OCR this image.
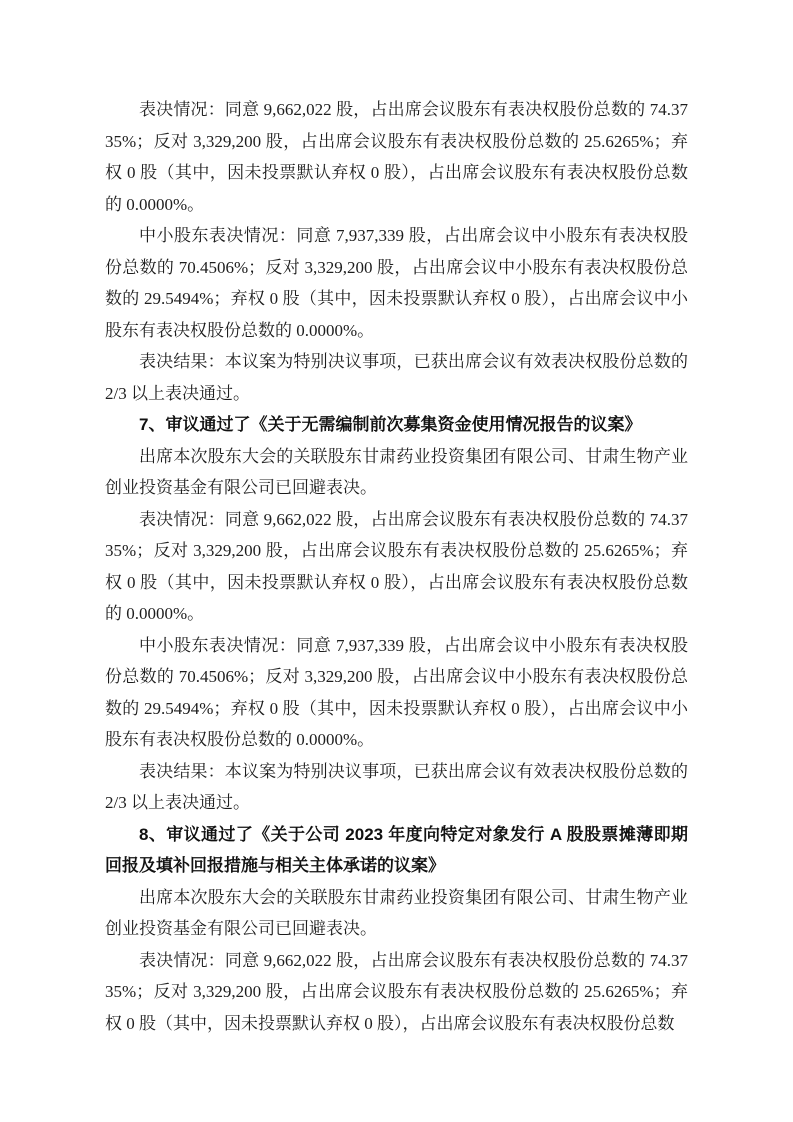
表决情况：同意 9,662,022 股，占出席会议股东有表决权股份总数的 74.3735%；反对 3,329,200 股，占出席会议股东有表决权股份总数的 25.6265%；弃权 0 股（其中，因未投票默认弃权 0 股），占出席会议股东有表决权股份总数的 0.0000%。

中小股东表决情况：同意 7,937,339 股，占出席会议中小股东有表决权股份总数的 70.4506%；反对 3,329,200 股，占出席会议中小股东有表决权股份总数的 29.5494%；弃权 0 股（其中，因未投票默认弃权 0 股），占出席会议中小股东有表决权股份总数的 0.0000%。

表决结果：本议案为特别决议事项，已获出席会议有效表决权股份总数的 2/3 以上表决通过。

7、审议通过了《关于无需编制前次募集资金使用情况报告的议案》

出席本次股东大会的关联股东甘肃药业投资集团有限公司、甘肃生物产业创业投资基金有限公司已回避表决。

表决情况：同意 9,662,022 股，占出席会议股东有表决权股份总数的 74.3735%；反对 3,329,200 股，占出席会议股东有表决权股份总数的 25.6265%；弃权 0 股（其中，因未投票默认弃权 0 股），占出席会议股东有表决权股份总数的 0.0000%。

中小股东表决情况：同意 7,937,339 股，占出席会议中小股东有表决权股份总数的 70.4506%；反对 3,329,200 股，占出席会议中小股东有表决权股份总数的 29.5494%；弃权 0 股（其中，因未投票默认弃权 0 股），占出席会议中小股东有表决权股份总数的 0.0000%。

表决结果：本议案为特别决议事项，已获出席会议有效表决权股份总数的 2/3 以上表决通过。

8、审议通过了《关于公司 2023 年度向特定对象发行 A 股股票摊薄即期回报及填补回报措施与相关主体承诺的议案》

出席本次股东大会的关联股东甘肃药业投资集团有限公司、甘肃生物产业创业投资基金有限公司已回避表决。

表决情况：同意 9,662,022 股，占出席会议股东有表决权股份总数的 74.3735%；反对 3,329,200 股，占出席会议股东有表决权股份总数的 25.6265%；弃权 0 股（其中，因未投票默认弃权 0 股），占出席会议股东有表决权股份总数
